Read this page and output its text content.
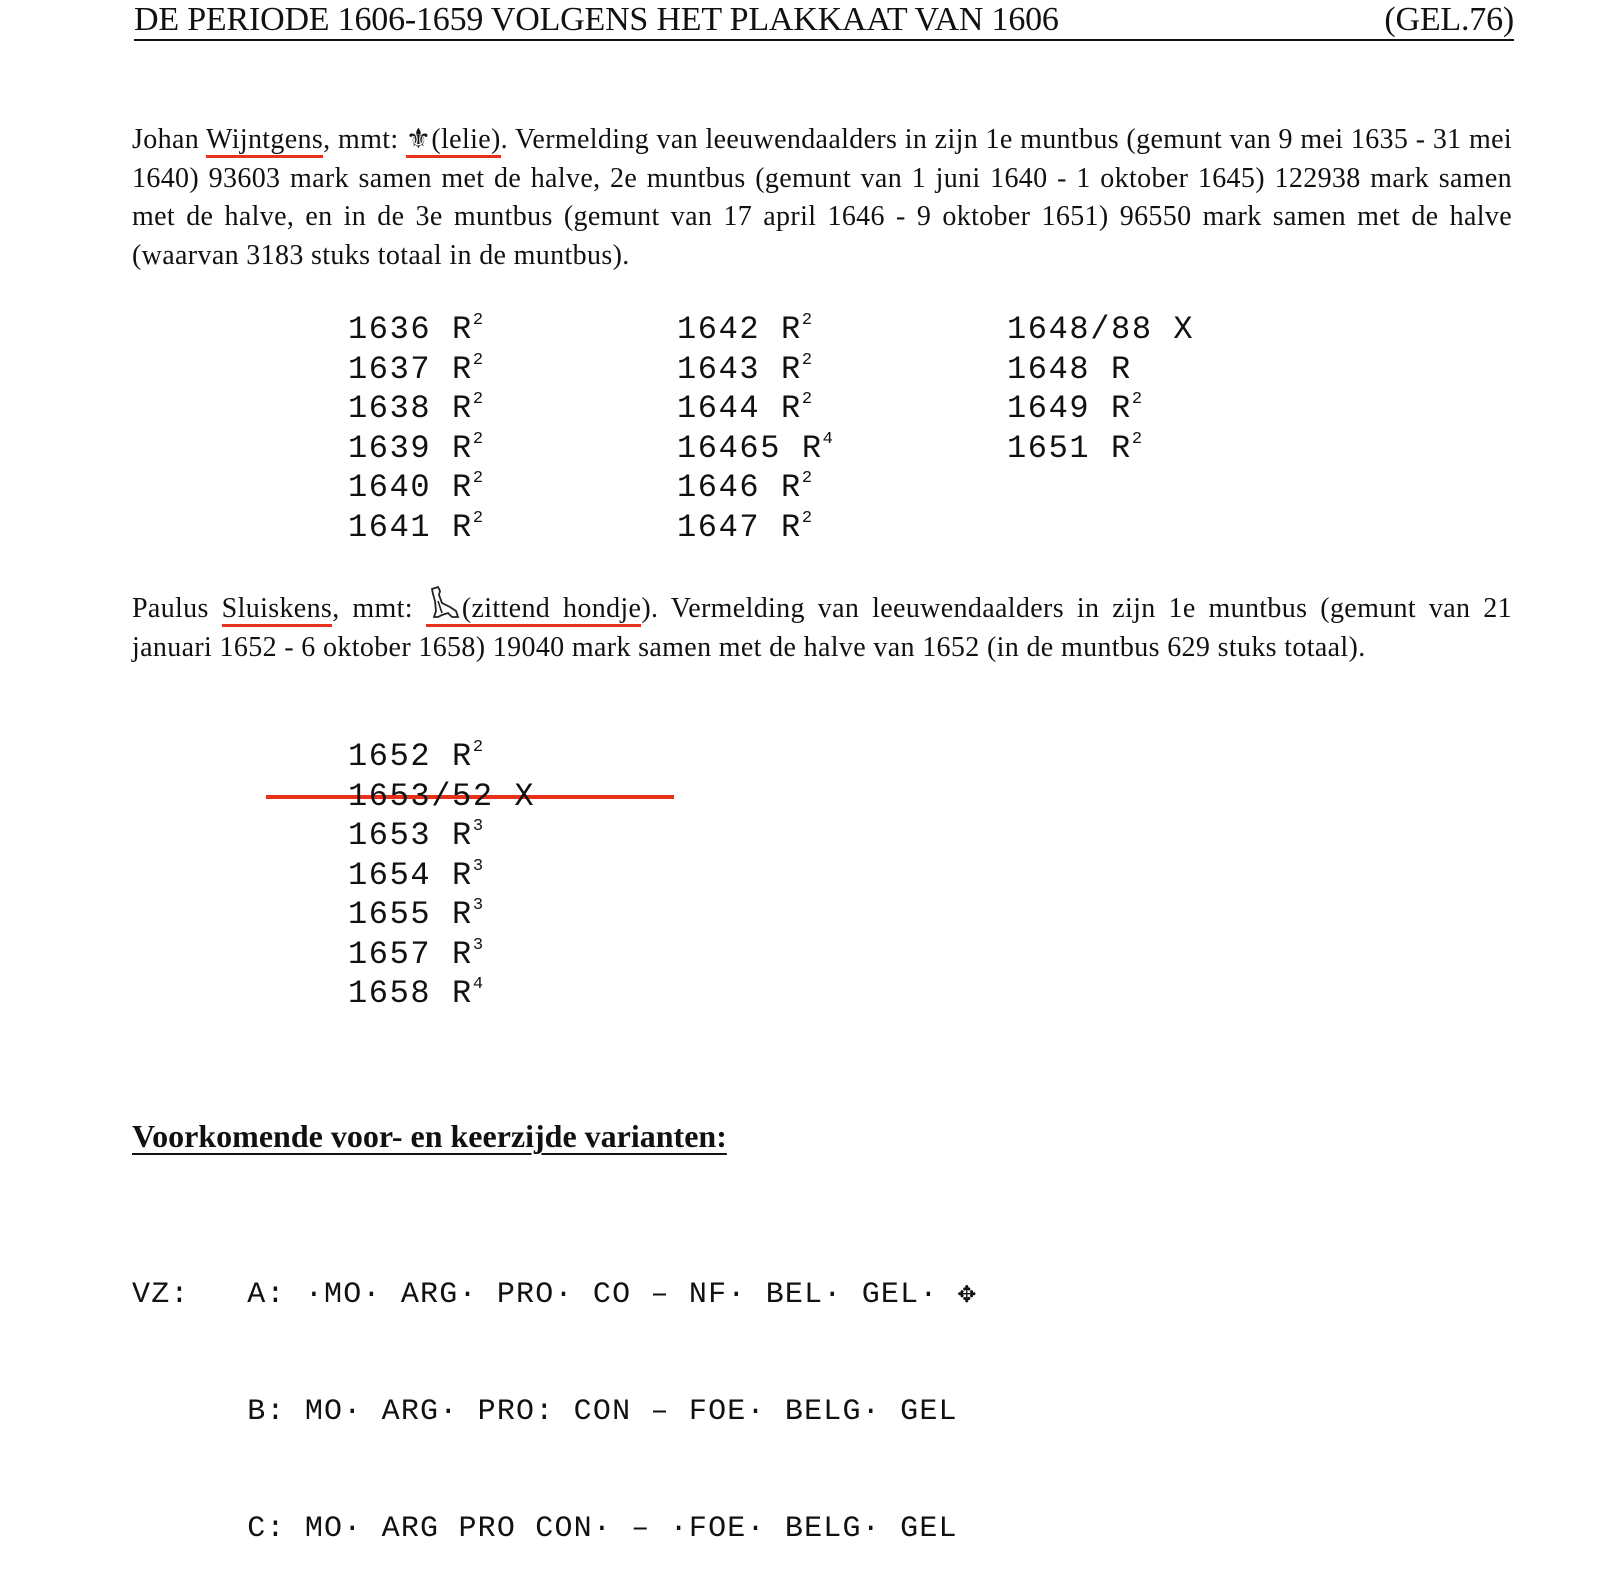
DE PERIODE 1606-1659 VOLGENS HET PLAKKAAT VAN 1606	(GEL.76)
Johan Wijntgens, mmt: ⚜(lelie). Vermelding van leeuwendaalders in zijn 1e muntbus (gemunt van 9 mei 1635 - 31 mei 1640) 93603 mark samen met de halve, 2e muntbus (gemunt van 1 juni 1640 - 1 oktober 1645) 122938 mark samen met de halve, en in de 3e muntbus (gemunt van 17 april 1646 - 9 oktober 1651) 96550 mark samen met de halve (waarvan 3183 stuks totaal in de muntbus).
1636 $R^2$
1637 $R^2$
1638 $R^2$
1639 $R^2$
1640 $R^2$
1641 $R^2$
1642 $R^2$
1643 $R^2$
1644 $R^2$
16465 $R^4$
1646 $R^2$
1647 $R^2$
1648/88 X
1648 R
1649 $R^2$
1651 $R^2$
Paulus Sluiskens, mmt: (zittend hondje). Vermelding van leeuwendaalders in zijn 1e muntbus (gemunt van 21 januari 1652 - 6 oktober 1658) 19040 mark samen met de halve van 1652 (in de muntbus 629 stuks totaal).
1652 $R^2$
1653/52 X
1653 $R^3$
1654 $R^3$
1655 $R^3$
1657 $R^3$
1658 $R^4$
Voorkomende voor- en keerzijde varianten:

VZ: A: ·MO· ARG· PRO· CO – NF· BEL· GEL· ✥

B: MO· ARG· PRO: CON – FOE· BELG· GEL

C: MO· ARG PRO CON· – ·FOE· BELG· GEL
